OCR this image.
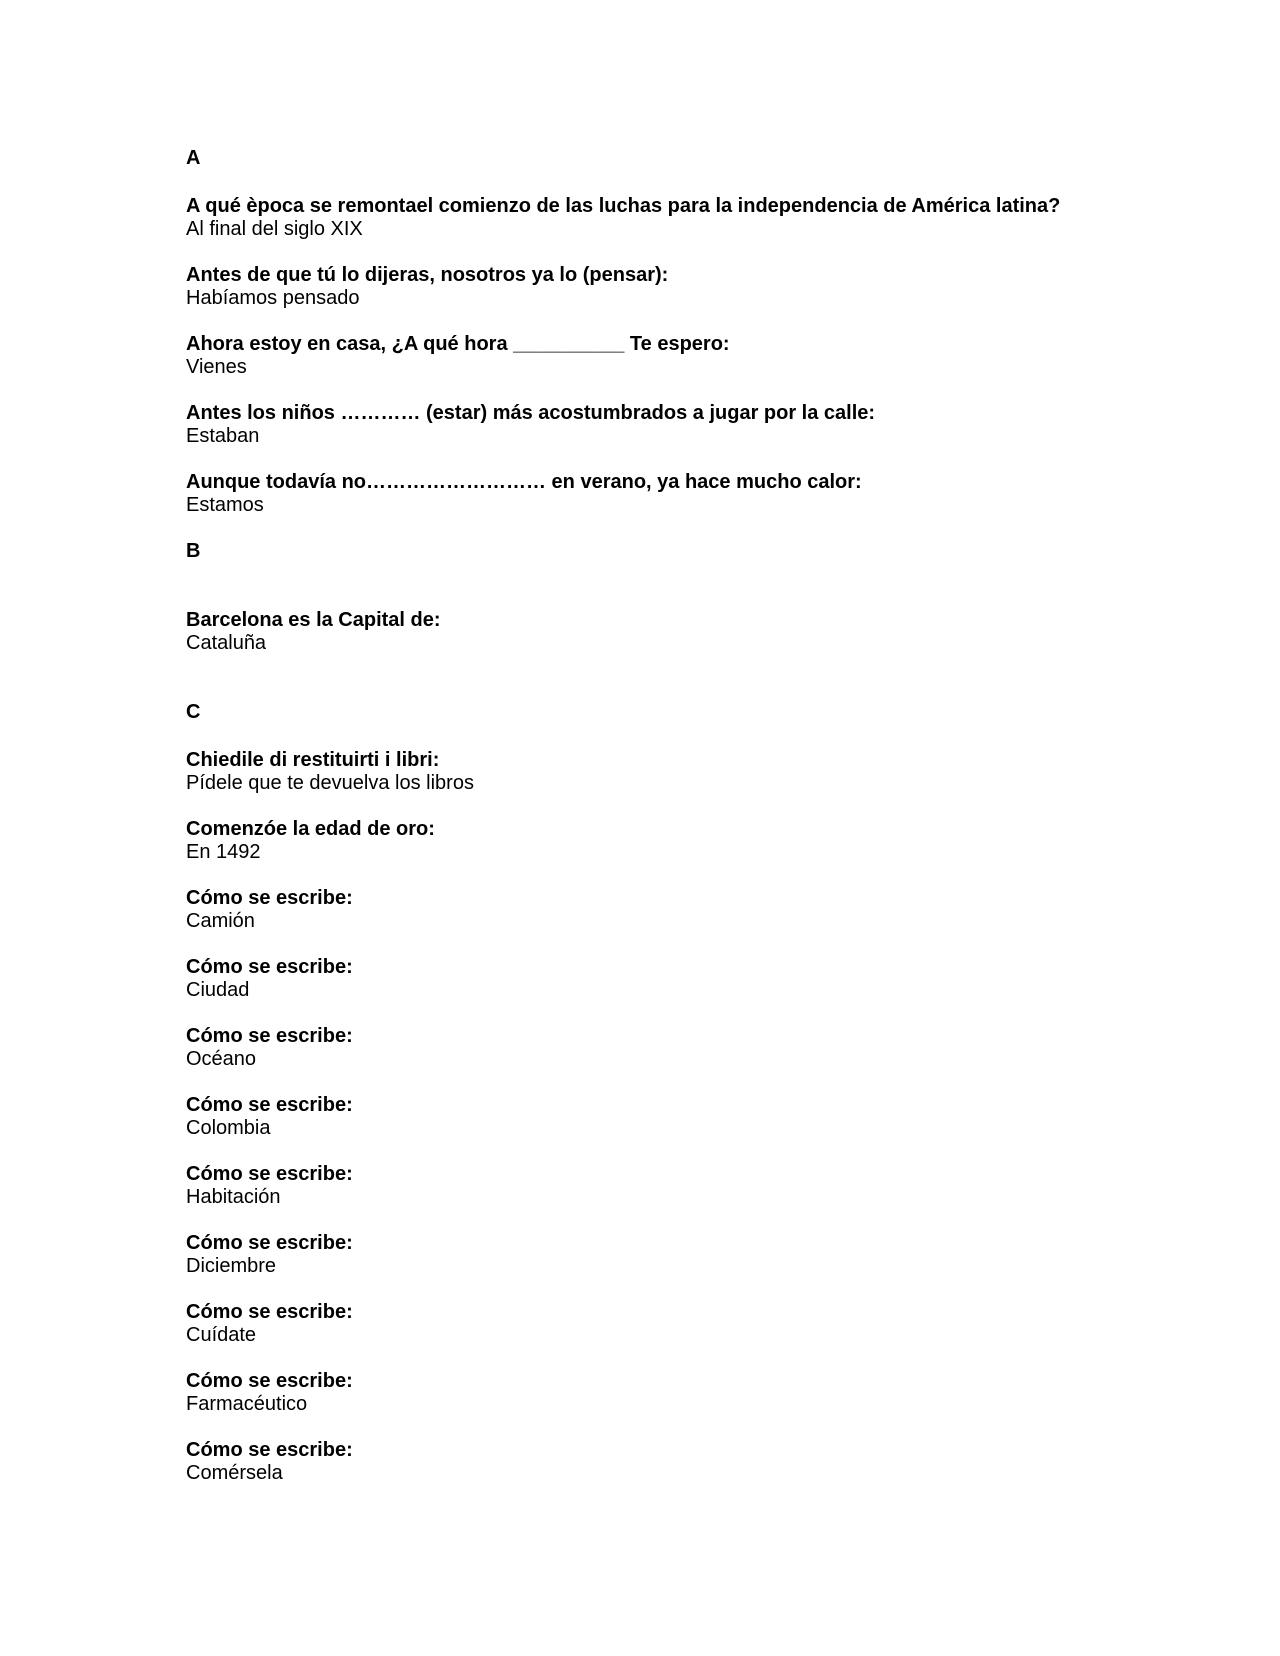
A
A qué època se remontael comienzo de las luchas para la independencia de América latina?
Al final del siglo XIX
Antes de que tú lo dijeras, nosotros ya lo (pensar):
Habíamos pensado
Ahora estoy en casa, ¿A qué hora __________ Te espero:
Vienes
Antes los niños ………… (estar) más acostumbrados a jugar por la calle:
Estaban
Aunque todavía no……………………… en verano, ya hace mucho calor:
Estamos
B
Barcelona es la Capital de:
Cataluña
C
Chiedile di restituirti i libri:
Pídele que te devuelva los libros
Comenzóe la edad de oro:
En 1492
Cómo se escribe:
Camión
Cómo se escribe:
Ciudad
Cómo se escribe:
Océano
Cómo se escribe:
Colombia
Cómo se escribe:
Habitación
Cómo se escribe:
Diciembre
Cómo se escribe:
Cuídate
Cómo se escribe:
Farmacéutico
Cómo se escribe:
Comérsela
